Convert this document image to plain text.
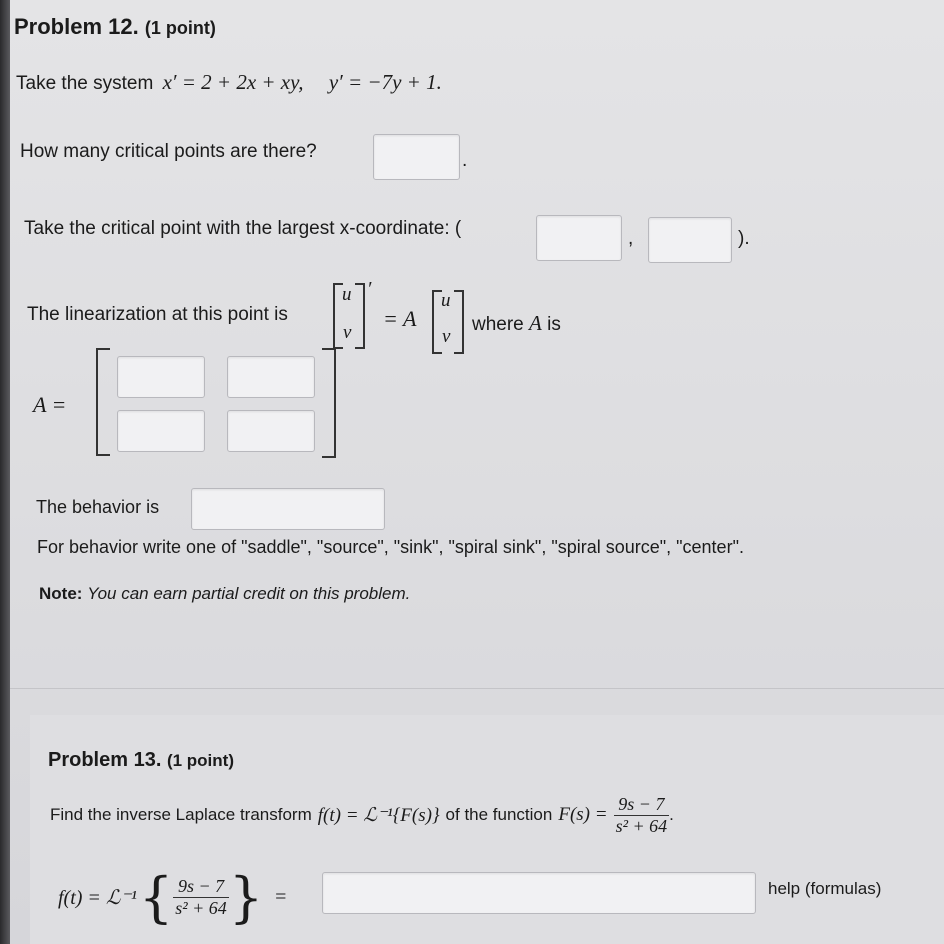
Problem 12. (1 point)
Take the system x′ = 2 + 2x + xy, y′ = −7y + 1.
How many critical points are there?	.
Take the critical point with the largest x-coordinate: (	,	).
The linearization at this point is
u
v
′
= A
u
v
where A is
A =
The behavior is
For behavior write one of "saddle", "source", "sink", "spiral sink", "spiral source", "center".
Note: You can earn partial credit on this problem.
Problem 13. (1 point)
Find the inverse Laplace transform f(t) = ℒ⁻¹{F(s)} of the function $F(s) = \frac{9s - 7}{\text{s² + 64}}$ .
f(t) = ℒ⁻¹ { $\frac{9s - 7}{\text{s² + 64}}$ } =	help (formulas)
